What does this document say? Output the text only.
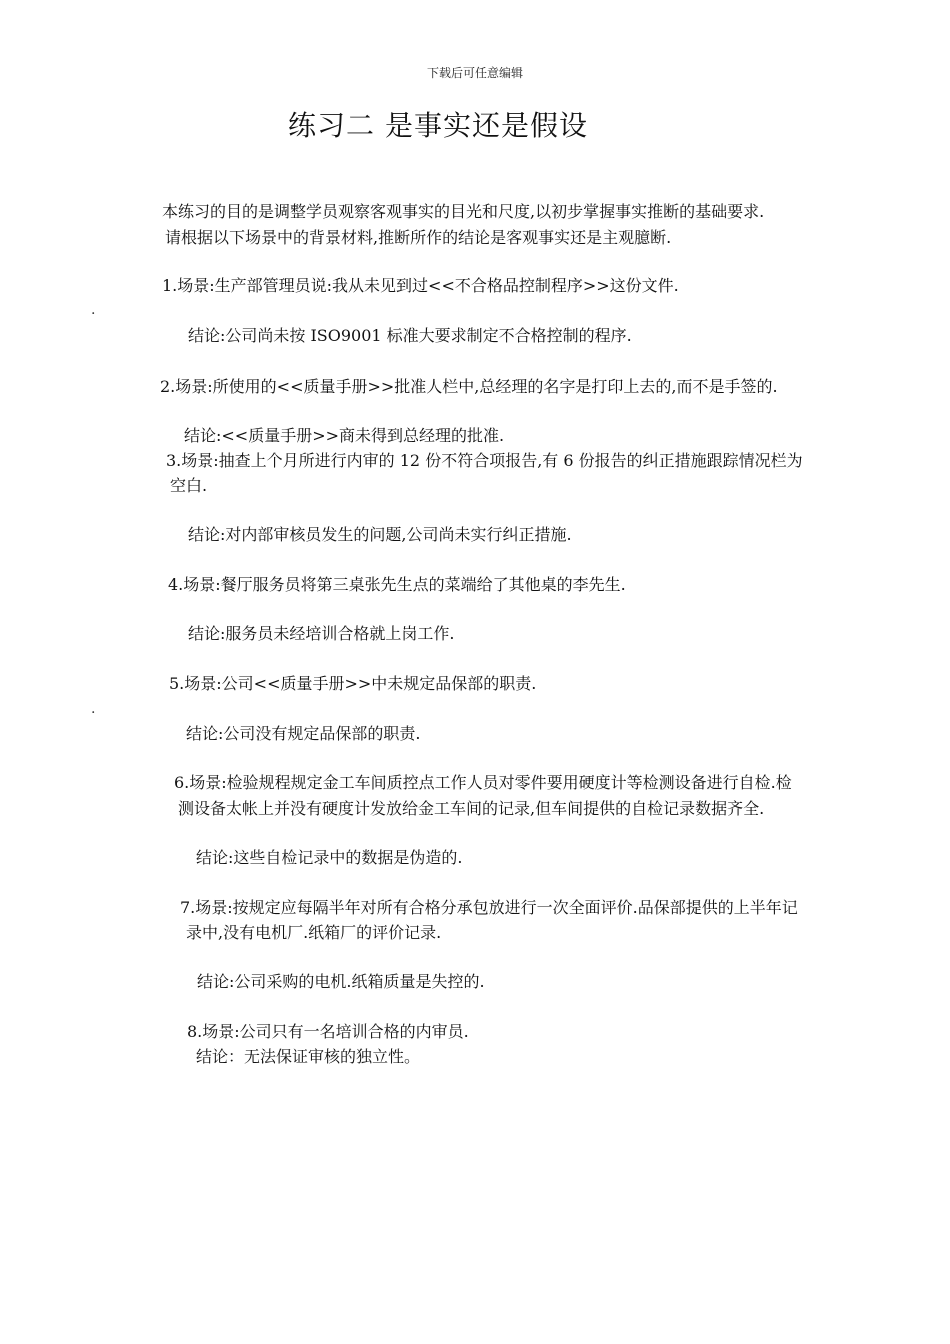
下载后可任意编辑
练习二 是事实还是假设
本练习的目的是调整学员观察客观事实的目光和尺度,以初步掌握事实推断的基础要求.
请根据以下场景中的背景材料,推断所作的结论是客观事实还是主观臆断.
1.场景:生产部管理员说:我从未见到过<<不合格品控制程序>>这份文件.
.
结论:公司尚未按 ISO9001 标准大要求制定不合格控制的程序.
2.场景:所使用的<<质量手册>>批准人栏中,总经理的名字是打印上去的,而不是手签的.
结论:<<质量手册>>商未得到总经理的批准.
3.场景:抽查上个月所进行内审的 12 份不符合项报告,有 6 份报告的纠正措施跟踪情况栏为
空白.
结论:对内部审核员发生的问题,公司尚未实行纠正措施.
4.场景:餐厅服务员将第三桌张先生点的菜端给了其他桌的李先生.
结论:服务员未经培训合格就上岗工作.
5.场景:公司<<质量手册>>中未规定品保部的职责.
.
结论:公司没有规定品保部的职责.
6.场景:检验规程规定金工车间质控点工作人员对零件要用硬度计等检测设备进行自检.检
测设备太帐上并没有硬度计发放给金工车间的记录,但车间提供的自检记录数据齐全.
结论:这些自检记录中的数据是伪造的.
7.场景:按规定应每隔半年对所有合格分承包放进行一次全面评价.品保部提供的上半年记
录中,没有电机厂.纸箱厂的评价记录.
结论:公司采购的电机.纸箱质量是失控的.
8.场景:公司只有一名培训合格的内审员.
结论：无法保证审核的独立性。
